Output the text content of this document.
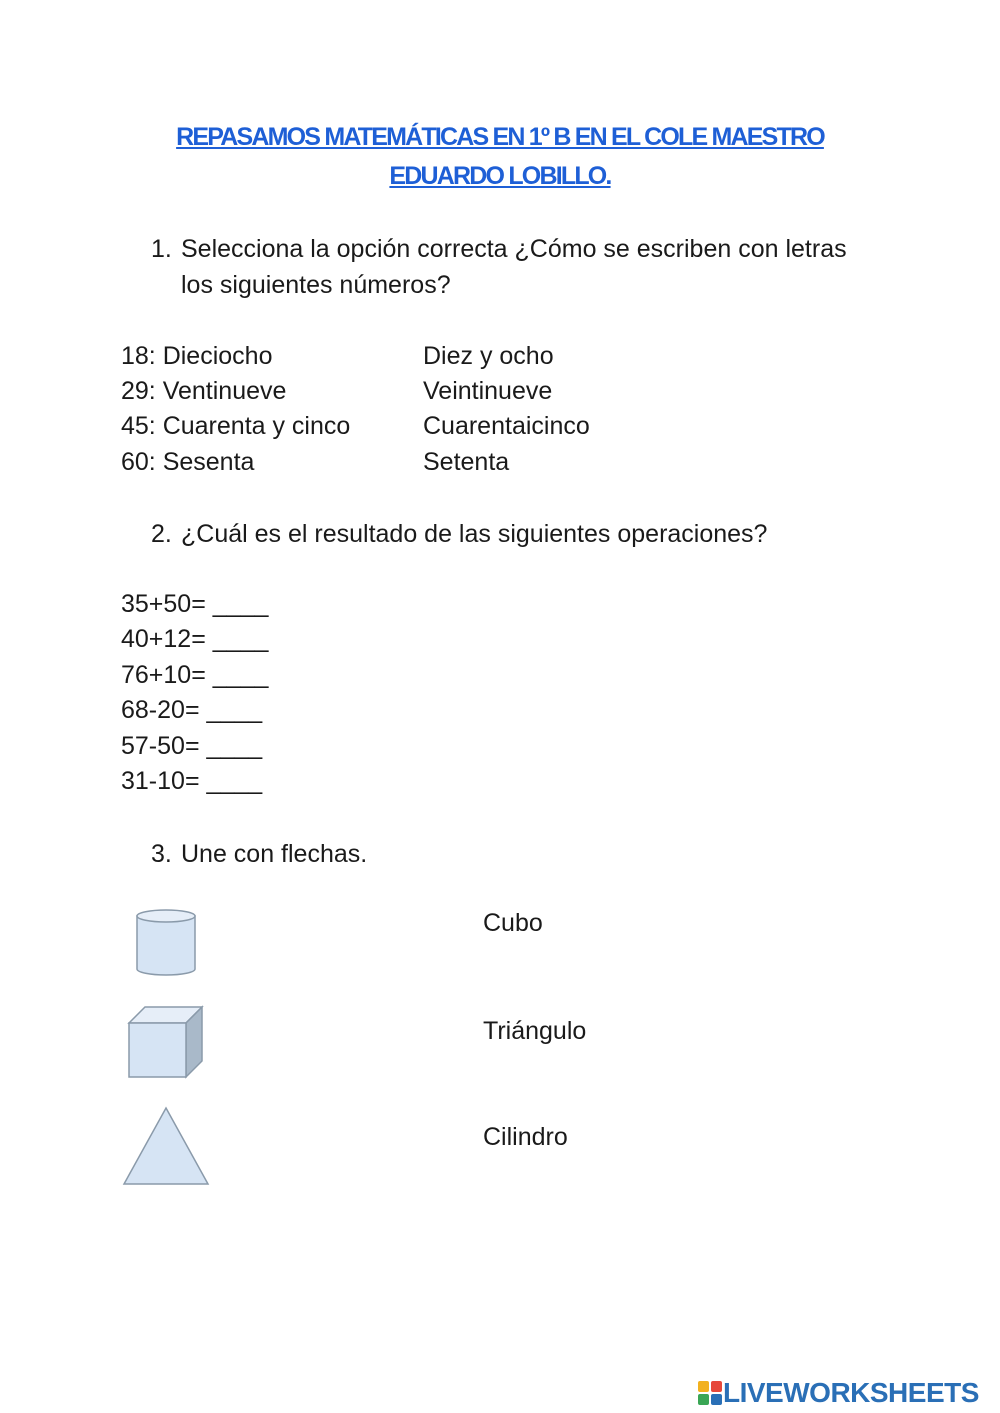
REPASAMOS MATEMÁTICAS EN 1º B EN EL COLE MAESTRO EDUARDO LOBILLO.
1. Selecciona la opción correcta ¿Cómo se escriben con letras los siguientes números?
18: Dieciocho	Diez y ocho
29: Ventinueve	Veintinueve
45: Cuarenta y cinco	Cuarentaicinco
60: Sesenta	Setenta
2. ¿Cuál es el resultado de las siguientes operaciones?
35+50= ____
40+12= ____
76+10= ____
68-20= ____
57-50= ____
31-10= ____
3. Une con flechas.
Cubo
Triángulo
Cilindro
LIVEWORKSHEETS
